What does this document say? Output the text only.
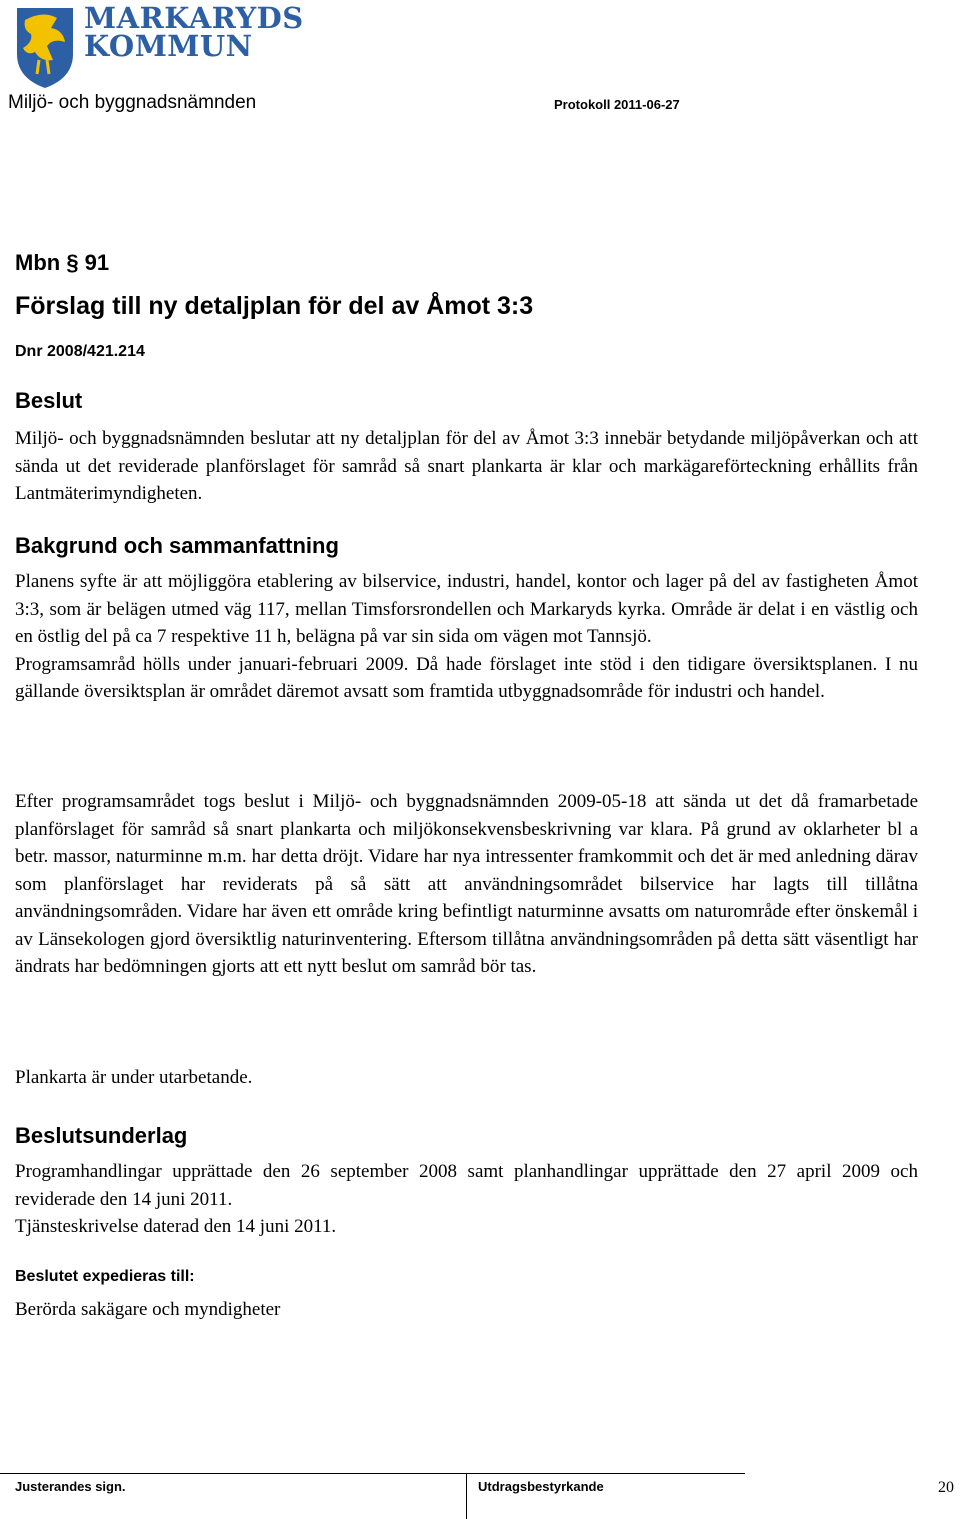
MARKARYDS
KOMMUN
Miljö- och byggnadsnämnden	Protokoll 2011-06-27
Mbn § 91
Förslag till ny detaljplan för del av Åmot 3:3
Dnr 2008/421.214
Beslut

Miljö- och byggnadsnämnden beslutar att ny detaljplan för del av Åmot 3:3 innebär betydande miljöpåverkan och att sända ut det reviderade planförslaget för samråd så snart plankarta är klar och markägareförteckning erhållits från Lantmäterimyndigheten.

Bakgrund och sammanfattning

Planens syfte är att möjliggöra etablering av bilservice, industri, handel, kontor och lager på del av fastigheten Åmot 3:3, som är belägen utmed väg 117, mellan Timsforsrondellen och Markaryds kyrka. Område är delat i en västlig och en östlig del på ca 7 respektive 11 h, belägna på var sin sida om vägen mot Tannsjö.

Programsamråd hölls under januari-februari 2009. Då hade förslaget inte stöd i den tidigare översiktsplanen. I nu gällande översiktsplan är området däremot avsatt som framtida utbyggnadsområde för industri och handel.

Efter programsamrådet togs beslut i Miljö- och byggnadsnämnden 2009-05-18 att sända ut det då framarbetade planförslaget för samråd så snart plankarta och miljökonsekvensbeskrivning var klara. På grund av oklarheter bl a betr. massor, naturminne m.m. har detta dröjt. Vidare har nya intressenter framkommit och det är med anledning därav som planförslaget har reviderats på så sätt att användningsområdet bilservice har lagts till tillåtna användningsområden. Vidare har även ett område kring befintligt naturminne avsatts om naturområde efter önskemål i av Länsekologen gjord översiktlig naturinventering. Eftersom tillåtna användningsområden på detta sätt väsentligt har ändrats har bedömningen gjorts att ett nytt beslut om samråd bör tas.

Plankarta är under utarbetande.

Beslutsunderlag

Programhandlingar upprättade den 26 september 2008 samt planhandlingar upprättade den 27 april 2009 och reviderade den 14 juni 2011.

Tjänsteskrivelse daterad den 14 juni 2011.

Beslutet expedieras till:

Berörda sakägare och myndigheter

Justerandes sign.	Utdragsbestyrkande	20
